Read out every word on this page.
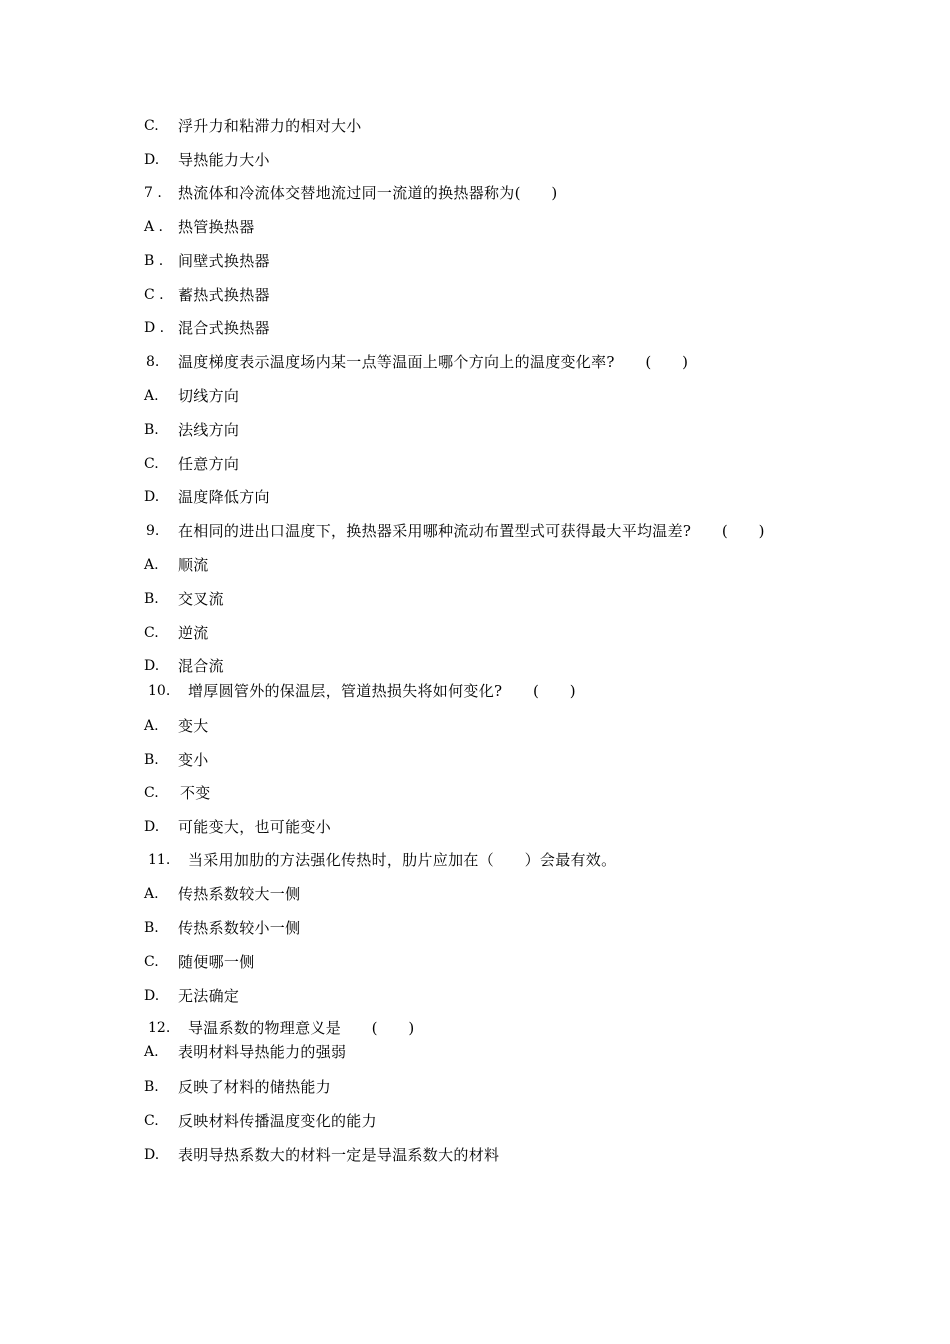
C. 浮升力和粘滞力的相对大小
D. 导热能力大小
7 . 热流体和冷流体交替地流过同一流道的换热器称为(　　)
A . 热管换热器
B . 间壁式换热器
C . 蓄热式换热器
D . 混合式换热器
8. 温度梯度表示温度场内某一点等温面上哪个方向上的温度变化率?　　(　　)
A. 切线方向
B. 法线方向
C. 任意方向
D. 温度降低方向
9. 在相同的进出口温度下，换热器采用哪种流动布置型式可获得最大平均温差?　　(　　)
A. 顺流
B. 交叉流
C. 逆流
D. 混合流
10. 增厚圆管外的保温层，管道热损失将如何变化?　　(　　)
A. 变大
B. 变小
C. 不变
D. 可能变大，也可能变小
11. 当采用加肋的方法强化传热时，肋片应加在（　　）会最有效。
A. 传热系数较大一侧
B. 传热系数较小一侧
C. 随便哪一侧
D. 无法确定
12. 导温系数的物理意义是　　(　　)
A. 表明材料导热能力的强弱
B. 反映了材料的储热能力
C. 反映材料传播温度变化的能力
D. 表明导热系数大的材料一定是导温系数大的材料
